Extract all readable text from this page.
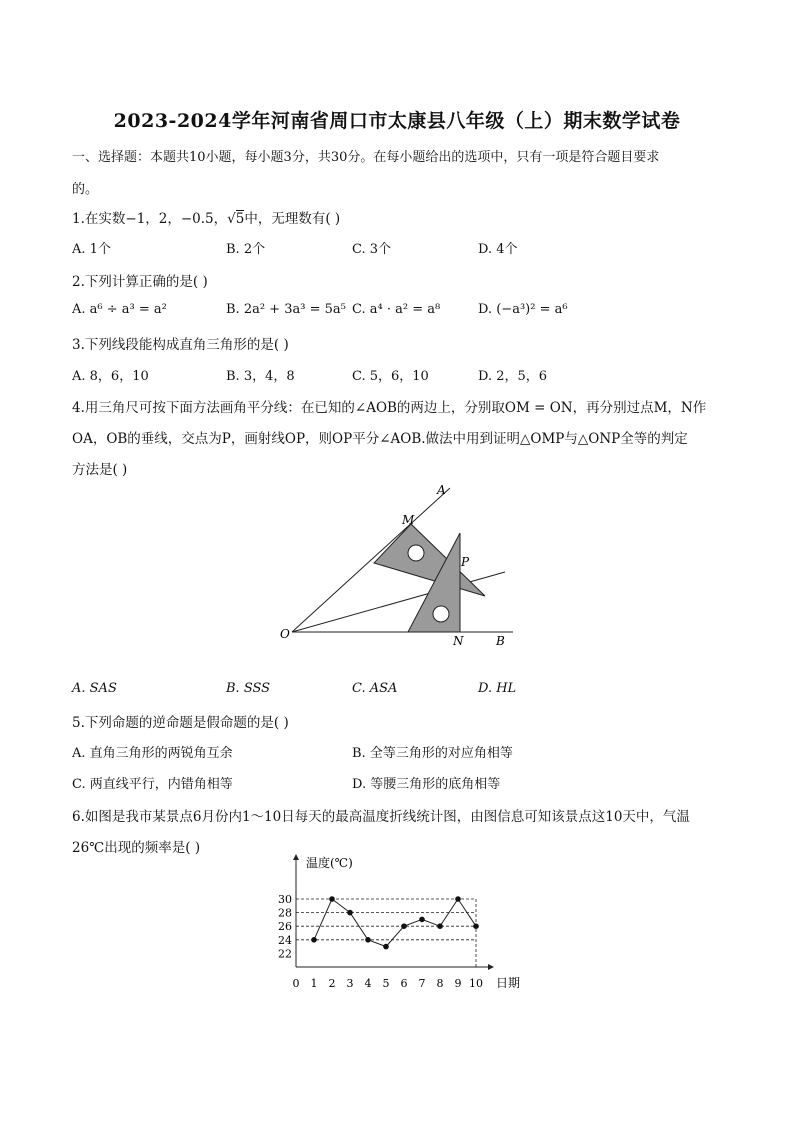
2023-2024学年河南省周口市太康县八年级（上）期末数学试卷
一、选择题：本题共10小题，每小题3分，共30分。在每小题给出的选项中，只有一项是符合题目要求
的。
1.在实数−1，2，−0.5，√5中，无理数有( )
A. 1个	B. 2个	C. 3个	D. 4个
2.下列计算正确的是( )
A. a⁶ ÷ a³ = a²	B. 2a² + 3a³ = 5a⁵ C. a⁴ · a² = a⁸	D. (−a³)² = a⁶
3.下列线段能构成直角三角形的是( )
A. 8，6，10	B. 3，4，8	C. 5，6，10	D. 2，5，6
4.用三角尺可按下面方法画角平分线：在已知的∠AOB的两边上，分别取OM = ON，再分别过点M，N作
OA，OB的垂线，交点为P，画射线OP，则OP平分∠AOB.做法中用到证明△OMP与△ONP全等的判定
方法是( )
A
M
P
O	N	B
A. SAS	B. SSS	C. ASA	D. HL
5.下列命题的逆命题是假命题的是( )
A. 直角三角形的两锐角互余	B. 全等三角形的对应角相等
C. 两直线平行，内错角相等	D. 等腰三角形的底角相等
6.如图是我市某景点6月份内1～10日每天的最高温度折线统计图，由图信息可知该景点这10天中，气温
26℃出现的频率是( )
温度(℃)
日期
22
24
26
28
30
0 1 2 3 4 5 6 7 8 9 10
